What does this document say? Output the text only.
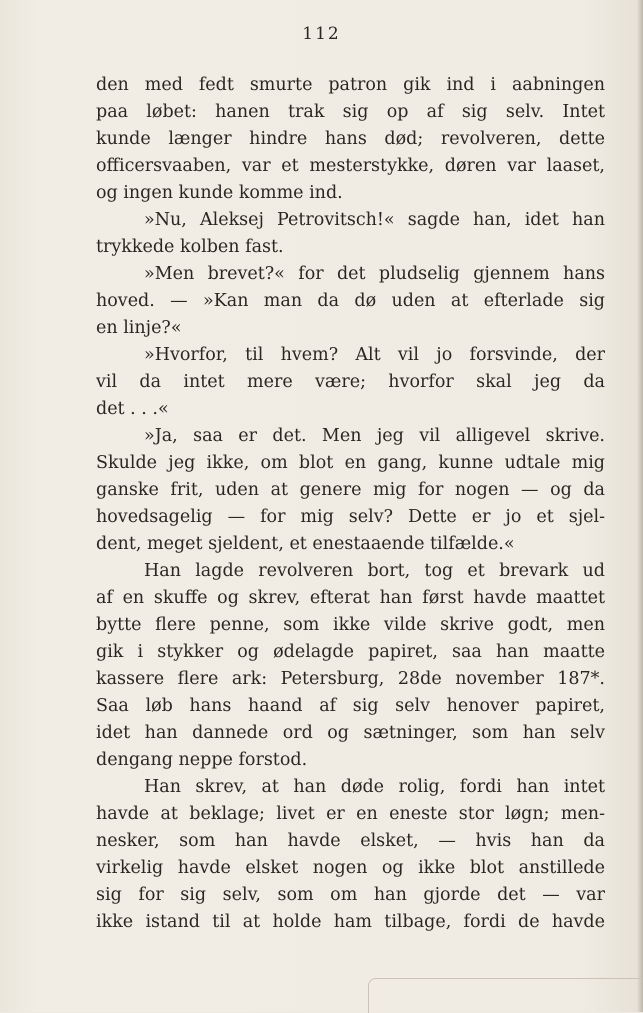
112
den med fedt smurte patron gik ind i aabningen
paa løbet: hanen trak sig op af sig selv. Intet
kunde længer hindre hans død; revolveren, dette
officersvaaben, var et mesterstykke, døren var laaset,
og ingen kunde komme ind.
»Nu, Aleksej Petrovitsch!« sagde han, idet han
trykkede kolben fast.
»Men brevet?« for det pludselig gjennem hans
hoved. — »Kan man da dø uden at efterlade sig
en linje?«
»Hvorfor, til hvem? Alt vil jo forsvinde, der
vil da intet mere være; hvorfor skal jeg da
det . . .«
»Ja, saa er det. Men jeg vil alligevel skrive.
Skulde jeg ikke, om blot en gang, kunne udtale mig
ganske frit, uden at genere mig for nogen — og da
hovedsagelig — for mig selv? Dette er jo et sjel-
dent, meget sjeldent, et enestaaende tilfælde.«
Han lagde revolveren bort, tog et brevark ud
af en skuffe og skrev, efterat han først havde maattet
bytte flere penne, som ikke vilde skrive godt, men
gik i stykker og ødelagde papiret, saa han maatte
kassere flere ark: Petersburg, 28de november 187*.
Saa løb hans haand af sig selv henover papiret,
idet han dannede ord og sætninger, som han selv
dengang neppe forstod.
Han skrev, at han døde rolig, fordi han intet
havde at beklage; livet er en eneste stor løgn; men-
nesker, som han havde elsket, — hvis han da
virkelig havde elsket nogen og ikke blot anstillede
sig for sig selv, som om han gjorde det — var
ikke istand til at holde ham tilbage, fordi de havde
